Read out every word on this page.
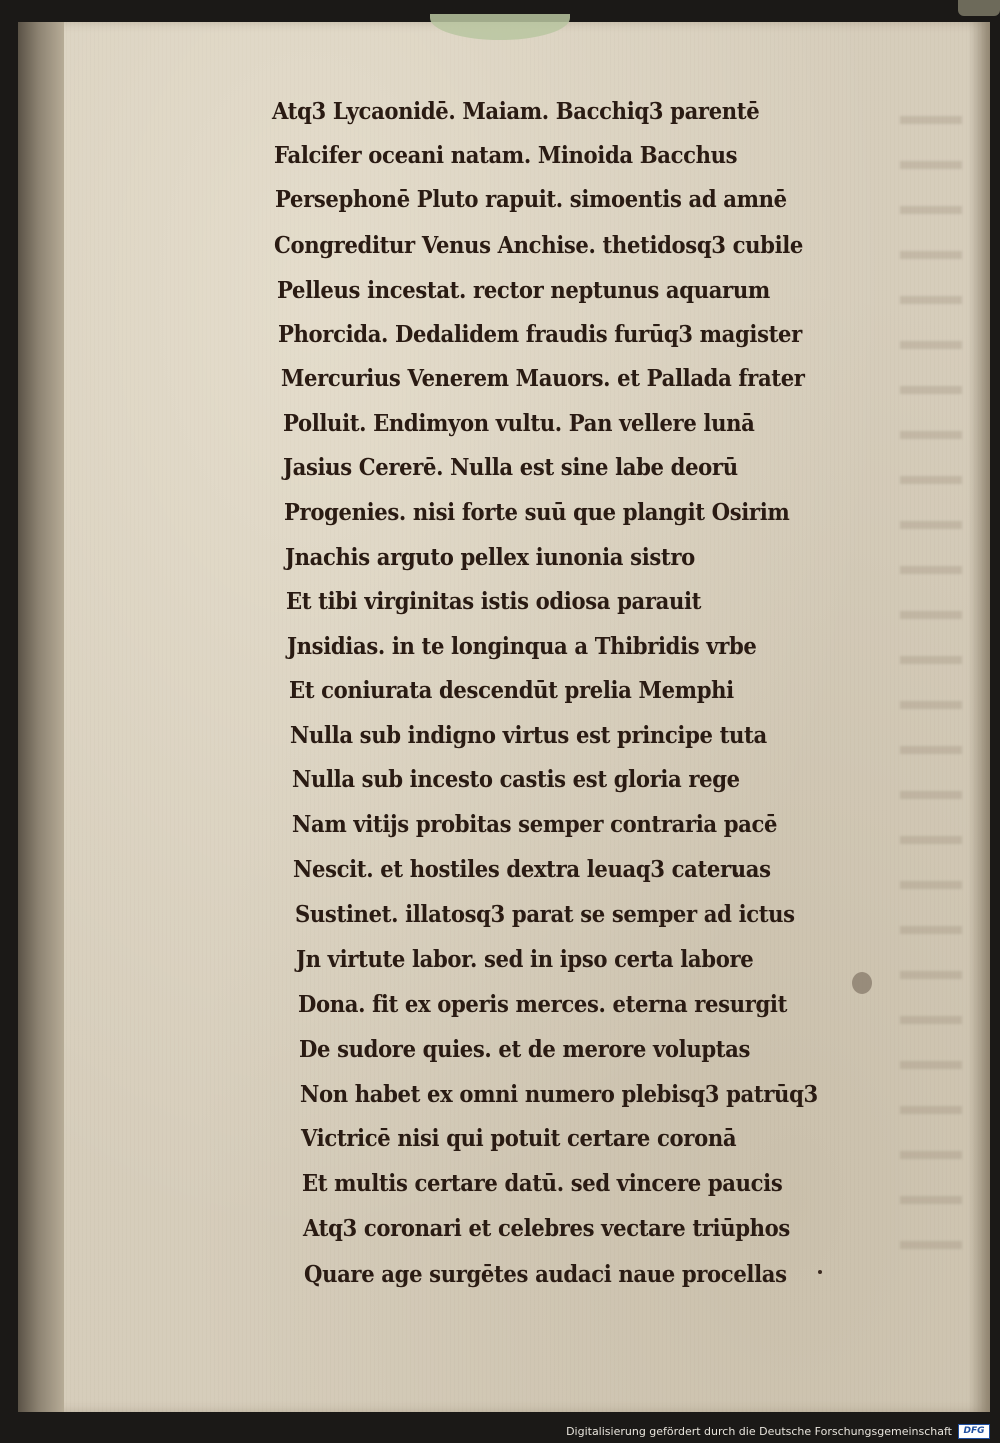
Atq3 Lycaonidē. Maiam. Bacchiq3 parentē
Falcifer oceani natam. Minoida Bacchus
Persephonē Pluto rapuit. simoentis ad amnē
Congreditur Venus Anchise. thetidosq3 cubile
Pelleus incestat. rector neptunus aquarum
Phorcida. Dedalidem fraudis furūq3 magister
Mercurius Venerem Mauors. et Pallada frater
Polluit. Endimyon vultu. Pan vellere lunā
Jasius Cererē. Nulla est sine labe deorū
Progenies. nisi forte suū que plangit Osirim
Jnachis arguto pellex iunonia sistro
Et tibi virginitas istis odiosa parauit
Jnsidias. in te longinqua a Thibridis vrbe
Et coniurata descendūt prelia Memphi
Nulla sub indigno virtus est principe tuta
Nulla sub incesto castis est gloria rege
Nam vitijs probitas semper contraria pacē
Nescit. et hostiles dextra leuaq3 cateruas
Sustinet. illatosq3 parat se semper ad ictus
Jn virtute labor. sed in ipso certa labore
Dona. fit ex operis merces. eterna resurgit
De sudore quies. et de merore voluptas
Non habet ex omni numero plebisq3 patrūq3
Victricē nisi qui potuit certare coronā
Et multis certare datū. sed vincere paucis
Atq3 coronari et celebres vectare triūphos
Quare age surgētes audaci naue procellas
Digitalisierung gefördert durch die Deutsche Forschungsgemeinschaft	DFG
